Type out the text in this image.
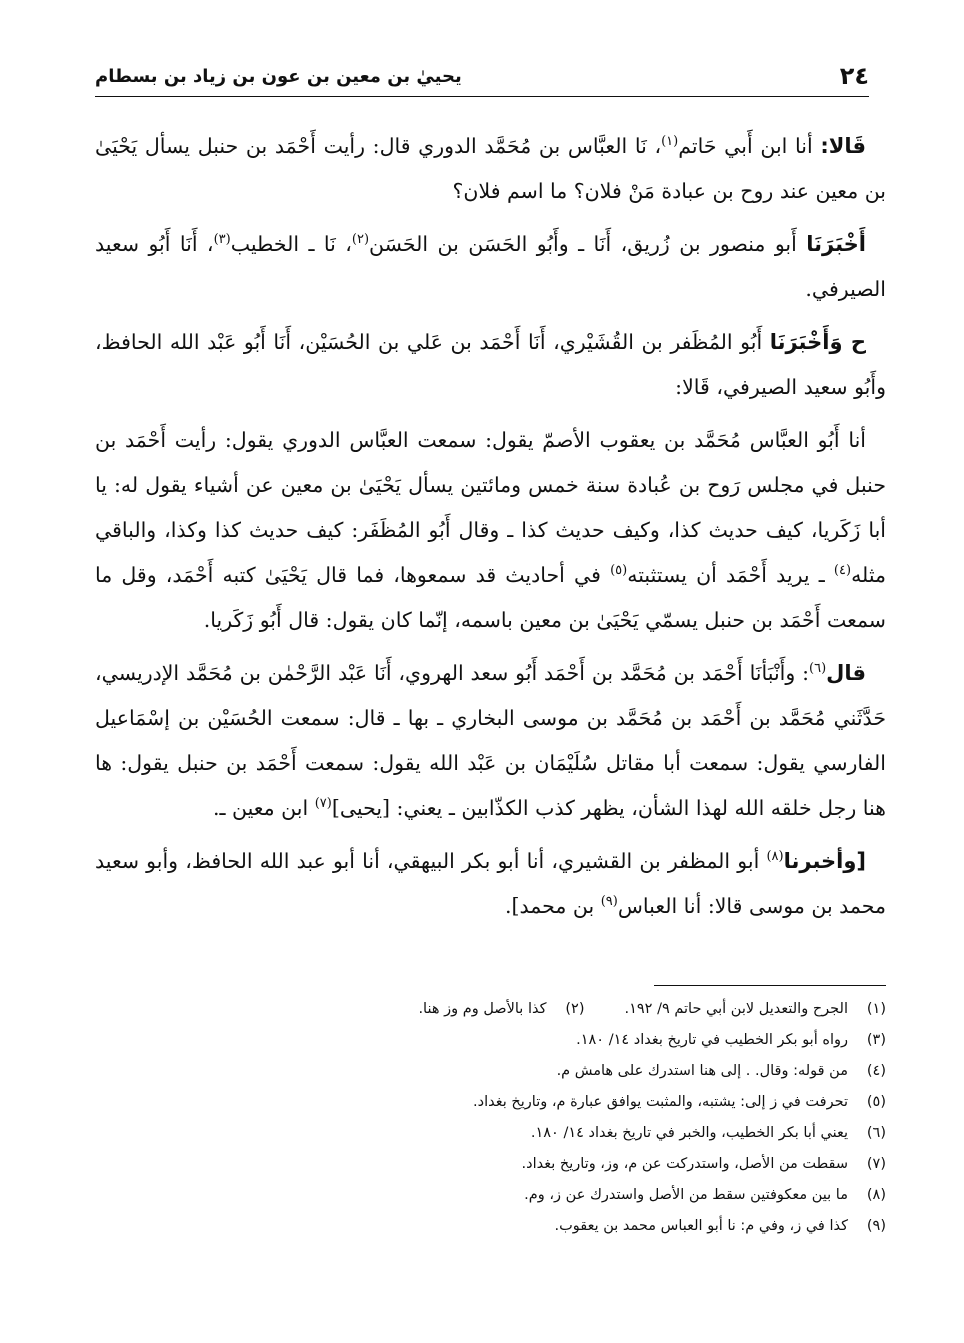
٢٤
يحييٰ بن معين بن عون بن زياد بن بسطام

قَالا: أنا ابن أَبي حَاتم$^{(١)}$، نَا العبَّاس بن مُحَمَّد الدوري قال: رأيت أَحْمَد بن حنبل يسأل يَحْيَىٰ بن معين عند روح بن عبادة مَنْ فلان؟ ما اسم فلان؟

أَخْبَرَنَا أَبو منصور بن زُريق، أَنَا ـ وأَبُو الحَسَن بن الحَسَن$^{(٢)}$، نَا ـ الخطيب$^{(٣)}$، أَنَا أَبُو سعيد الصيرفي.

ح وَأَخْبَرَنَا أَبُو المُظَفر بن القُشَيْري، أَنَا أَحْمَد بن عَلي بن الحُسَيْن، أَنَا أَبُو عَبْد الله الحافظ، وأَبُو سعيد الصيرفي، قَالا:

أنا أَبُو العبَّاس مُحَمَّد بن يعقوب الأصمّ يقول: سمعت العبَّاس الدوري يقول: رأيت أَحْمَد بن حنبل في مجلس رَوح بن عُبادة سنة خمس ومائتين يسأل يَحْيَىٰ بن معين عن أشياء يقول له: يا أبا زَكَريا، كيف حديث كذا، وكيف حديث كذا ـ وقال أَبُو المُظَفَر: كيف حديث كذا وكذا، والباقي مثله$^{(٤)}$ ـ يريد أَحْمَد أن يستثبته$^{(٥)}$ في أحاديث قد سمعوها، فما قال يَحْيَىٰ كتبه أَحْمَد، وقل ما سمعت أَحْمَد بن حنبل يسمّي يَحْيَىٰ بن معين باسمه، إنّما كان يقول: قال أَبُو زَكَريا.

قال$^{(٦)}$: وأَنْبَأنَا أَحْمَد بن مُحَمَّد بن أَحْمَد أَبُو سعد الهروي، أَنَا عَبْد الرَّحْمٰن بن مُحَمَّد الإدريسي، حَدَّثَني مُحَمَّد بن أَحْمَد بن مُحَمَّد بن موسى البخاري ـ بها ـ قال: سمعت الحُسَيْن بن إسْمَاعيل الفارسي يقول: سمعت أبا مقاتل سُلَيْمَان بن عَبْد الله يقول: سمعت أَحْمَد بن حنبل يقول: ها هنا رجل خلقه الله لهذا الشأن، يظهر كذب الكذّابين ـ يعني: [يحيى]$^{(٧)}$ ابن معين ـ.

[وأخبرنا$^{(٨)}$ أبو المظفر بن القشيري، أنا أبو بكر البيهقي، أنا أبو عبد الله الحافظ، وأبو سعيد محمد بن موسى قالا: أنا العباس$^{(٩)}$ بن محمد].

(١)
الجرح والتعديل لابن أبي حاتم ٩/ ١٩٢.
(٢)
كذا بالأصل وم وز هنا.
(٣)
رواه أبو بكر الخطيب في تاريخ بغداد ١٤/ ١٨٠.
(٤)
من قوله: وقال. . إلى هنا استدرك على هامش م.
(٥)
تحرفت في ز إلى: يشتبه، والمثبت يوافق عبارة م، وتاريخ بغداد.
(٦)
يعني أبا بكر الخطيب، والخبر في تاريخ بغداد ١٤/ ١٨٠.
(٧)
سقطت من الأصل، واستدركت عن م، وز، وتاريخ بغداد.
(٨)
ما بين معكوفتين سقط من الأصل واستدرك عن ز، وم.
(٩)
كذا في ز، وفي م: نا أبو العباس محمد بن يعقوب.
